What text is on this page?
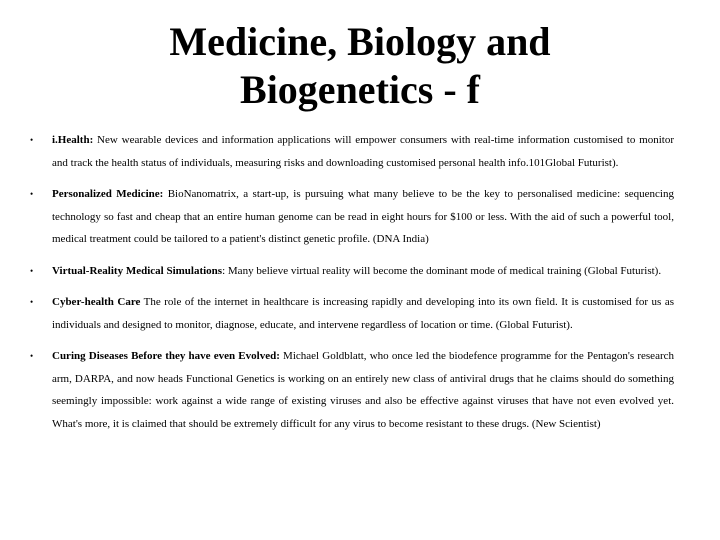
Medicine, Biology and
Biogenetics - f
•	i.Health: New wearable devices and information applications will empower consumers with real-time information customised to monitor and track the health status of individuals, measuring risks and downloading customised personal health info.101Global Futurist).
•	Personalized Medicine: BioNanomatrix, a start-up, is pursuing what many believe to be the key to personalised medicine: sequencing technology so fast and cheap that an entire human genome can be read in eight hours for $100 or less. With the aid of such a powerful tool, medical treatment could be tailored to a patient's distinct genetic profile. (DNA India)
•	Virtual-Reality Medical Simulations: Many believe virtual reality will become the dominant mode of medical training (Global Futurist).
•	Cyber-health Care The role of the internet in healthcare is increasing rapidly and developing into its own field. It is customised for us as individuals and designed to monitor, diagnose, educate, and intervene regardless of location or time. (Global Futurist).
•	Curing Diseases Before they have even Evolved: Michael Goldblatt, who once led the biodefence programme for the Pentagon's research arm, DARPA, and now heads Functional Genetics is working on an entirely new class of antiviral drugs that he claims should do something seemingly impossible: work against a wide range of existing viruses and also be effective against viruses that have not even evolved yet. What's more, it is claimed that should be extremely difficult for any virus to become resistant to these drugs. (New Scientist)
